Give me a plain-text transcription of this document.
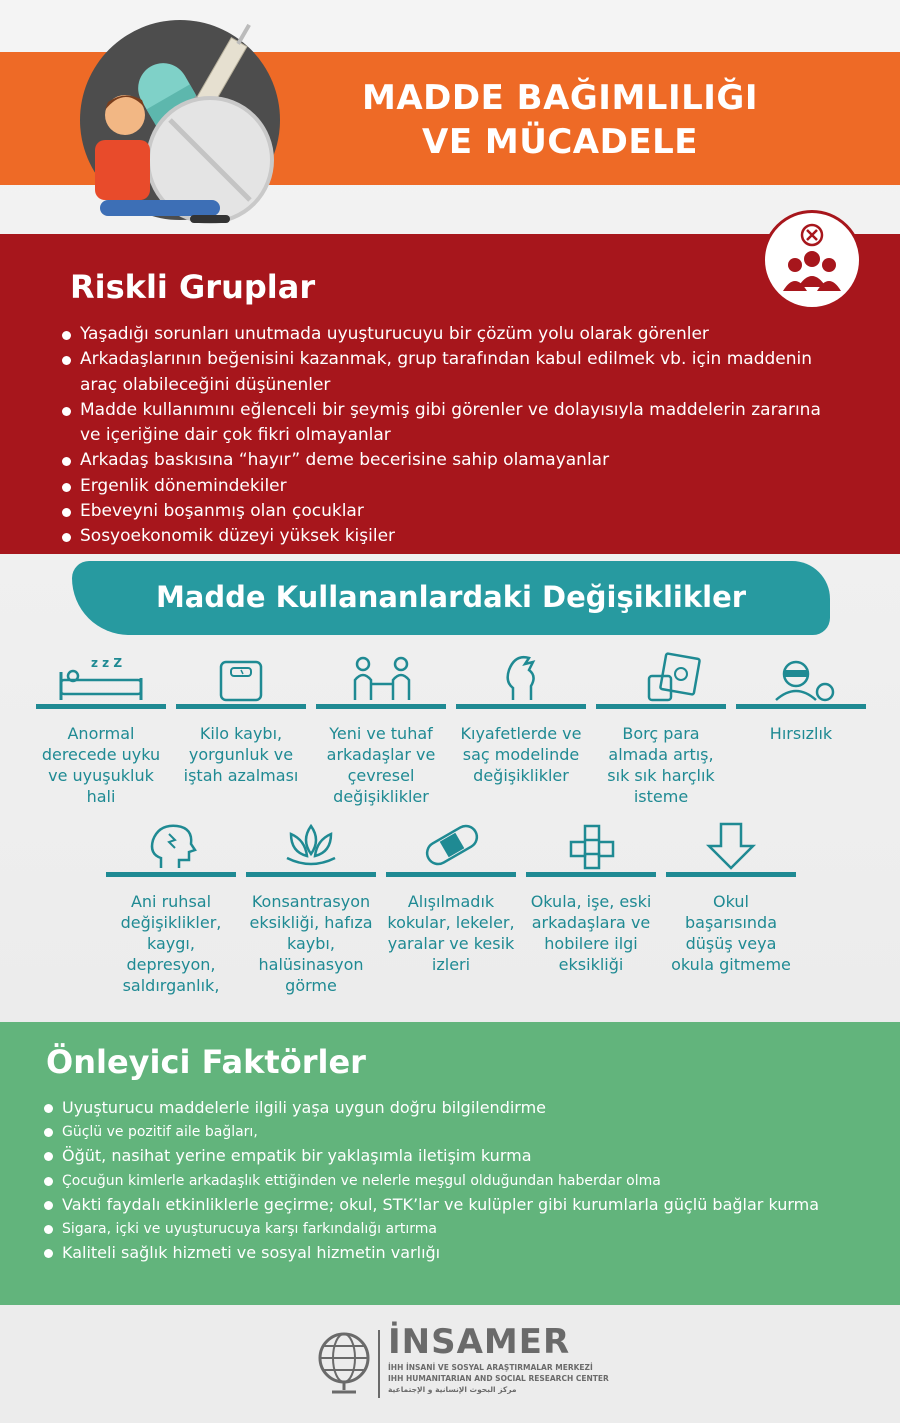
MADDE BAĞIMLILIĞI
VE MÜCADELE
Riskli Gruplar
Yaşadığı sorunları unutmada uyuşturucuyu bir çözüm yolu olarak görenler
Arkadaşlarının beğenisini kazanmak, grup tarafından kabul edilmek vb. için maddenin araç olabileceğini düşünenler
Madde kullanımını eğlenceli bir şeymiş gibi görenler ve dolayısıyla maddelerin zararına ve içeriğine dair çok fikri olmayanlar
Arkadaş baskısına “hayır” deme becerisine sahip olamayanlar
Ergenlik dönemindekiler
Ebeveyni boşanmış olan çocuklar
Sosyoekonomik düzeyi yüksek kişiler
Madde Kullananlardaki Değişiklikler
z z Z
Anormal derecede uyku ve uyuşukluk hali
Kilo kaybı, yorgunluk ve iştah azalması
Yeni ve tuhaf arkadaşlar ve çevresel değişiklikler
Kıyafetlerde ve saç modelinde değişiklikler
Borç para almada artış, sık sık harçlık isteme
Hırsızlık
Ani ruhsal değişiklikler, kaygı, depresyon, saldırganlık,
Konsantrasyon eksikliği, hafıza kaybı, halüsinasyon görme
Alışılmadık kokular, lekeler, yaralar ve kesik izleri
Okula, işe, eski arkadaşlara ve hobilere ilgi eksikliği
Okul başarısında düşüş veya okula gitmeme
Önleyici Faktörler
Uyuşturucu maddelerle ilgili yaşa uygun doğru bilgilendirme
Güçlü ve pozitif aile bağları,
Öğüt, nasihat yerine empatik bir yaklaşımla iletişim kurma
Çocuğun kimlerle arkadaşlık ettiğinden ve nelerle meşgul olduğundan haberdar olma
Vakti faydalı etkinliklerle geçirme; okul, STK’lar ve kulüpler gibi kurumlarla güçlü bağlar kurma
Sigara, içki ve uyuşturucuya karşı farkındalığı artırma
Kaliteli sağlık hizmeti ve sosyal hizmetin varlığı
İNSAMER
İHH İNSANİ VE SOSYAL ARAŞTIRMALAR MERKEZİ
IHH HUMANITARIAN AND SOCIAL RESEARCH CENTER
مركز البحوث الإنسانية و الإجتماعية
